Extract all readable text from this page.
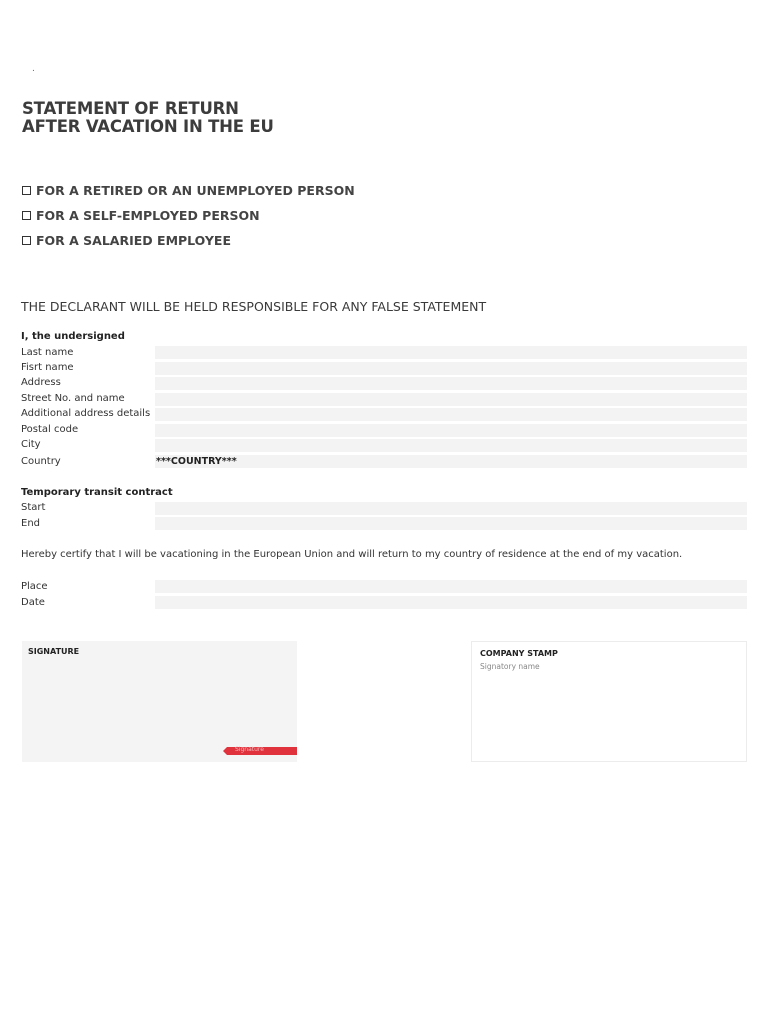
.
STATEMENT OF RETURN
AFTER VACATION IN THE EU
FOR A RETIRED OR AN UNEMPLOYED PERSON
FOR A SELF-EMPLOYED PERSON
FOR A SALARIED EMPLOYEE
THE DECLARANT WILL BE HELD RESPONSIBLE FOR ANY FALSE STATEMENT
I, the undersigned
Last name
Fisrt name
Address
Street No. and name
Additional address details
Postal code
City
Country	***COUNTRY***
Temporary transit contract
Start
End
Hereby certify that I will be vacationing in the European Union and will return to my country of residence at the end of my vacation.
Place
Date
SIGNATURE
Signature
COMPANY STAMP
Signatory name
